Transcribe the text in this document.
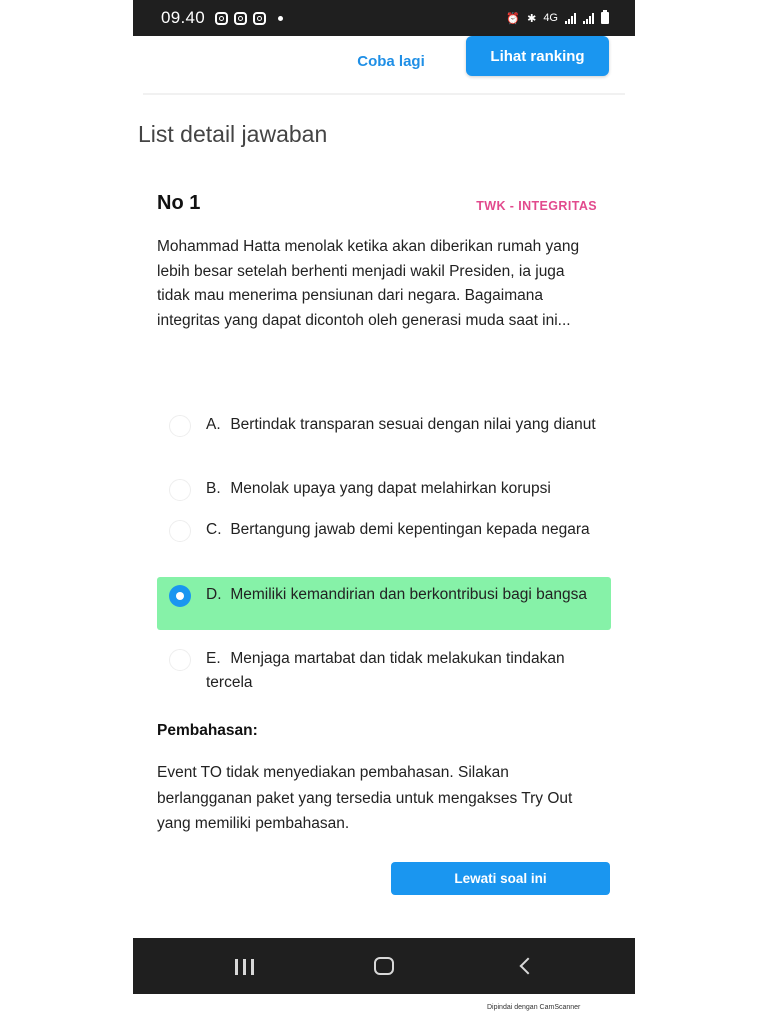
09.40	⏰ ✱ 4G
Coba lagi	Lihat ranking
List detail jawaban
No 1	TWK - INTEGRITAS
Mohammad Hatta menolak ketika akan diberikan rumah yang lebih besar setelah berhenti menjadi wakil Presiden, ia juga tidak mau menerima pensiunan dari negara. Bagaimana integritas yang dapat dicontoh oleh generasi muda saat ini...
A. Bertindak transparan sesuai dengan nilai yang dianut
B. Menolak upaya yang dapat melahirkan korupsi
C. Bertangung jawab demi kepentingan kepada negara
D. Memiliki kemandirian dan berkontribusi bagi bangsa
E. Menjaga martabat dan tidak melakukan tindakan tercela
Pembahasan:
Event TO tidak menyediakan pembahasan. Silakan berlangganan paket yang tersedia untuk mengakses Try Out yang memiliki pembahasan.
Lewati soal ini
Dipindai dengan CamScanner
